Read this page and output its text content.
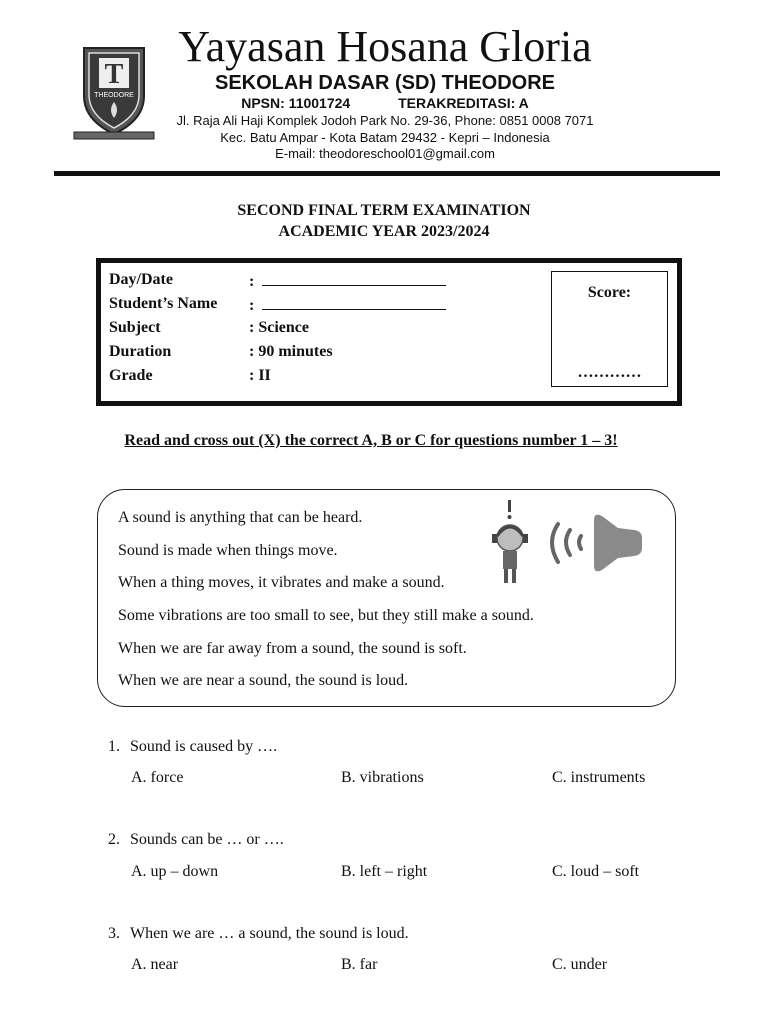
T
THEODORE
Yayasan Hosana Gloria
SEKOLAH DASAR (SD) THEODORE
NPSN: 11001724	TERAKREDITASI: A
Jl. Raja Ali Haji Komplek Jodoh Park No. 29-36, Phone: 0851 0008 7071
Kec. Batu Ampar - Kota Batam 29432 - Kepri – Indonesia
E-mail: theodoreschool01@gmail.com
SECOND FINAL TERM EXAMINATION
ACADEMIC YEAR 2023/2024
Day/Date	:
Student’s Name	:
Subject	: Science
Duration	: 90 minutes
Grade	: II
Score:
…………
Read and cross out (X) the correct A, B or C for questions number 1 – 3!
A sound is anything that can be heard.
Sound is made when things move.
When a thing moves, it vibrates and make a sound.
Some vibrations are too small to see, but they still make a sound.
When we are far away from a sound, the sound is soft.
When we are near a sound, the sound is loud.
1. Sound is caused by ….
A. force	B. vibrations	C. instruments
2. Sounds can be … or ….
A. up – down	B. left – right	C. loud – soft
3. When we are … a sound, the sound is loud.
A. near	B. far	C. under
